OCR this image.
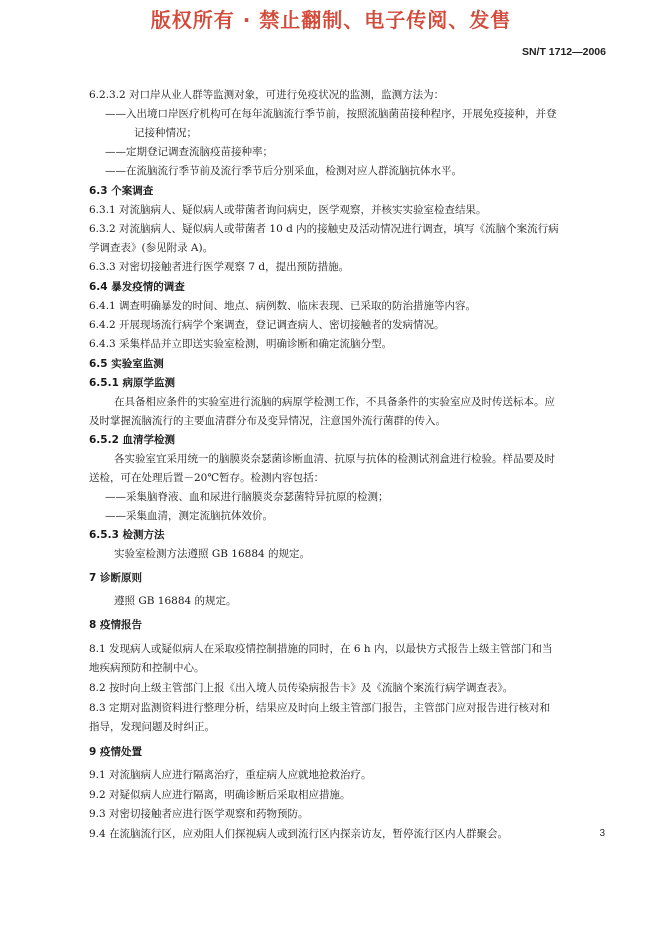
版权所有 · 禁止翻制、电子传阅、发售
SN/T 1712—2006
6.2.3.2 对口岸从业人群等监测对象，可进行免疫状况的监测，监测方法为：
——入出境口岸医疗机构可在每年流脑流行季节前，按照流脑菌苗接种程序，开展免疫接种，并登
记接种情况；
——定期登记调查流脑疫苗接种率；
——在流脑流行季节前及流行季节后分别采血，检测对应人群流脑抗体水平。
6.3 个案调查
6.3.1 对流脑病人、疑似病人或带菌者询问病史，医学观察，并核实实验室检查结果。
6.3.2 对流脑病人、疑似病人或带菌者 10 d 内的接触史及活动情况进行调查，填写《流脑个案流行病
学调查表》(参见附录 A)。
6.3.3 对密切接触者进行医学观察 7 d，提出预防措施。
6.4 暴发疫情的调查
6.4.1 调查明确暴发的时间、地点、病例数、临床表现、已采取的防治措施等内容。
6.4.2 开展现场流行病学个案调查，登记调查病人、密切接触者的发病情况。
6.4.3 采集样品并立即送实验室检测，明确诊断和确定流脑分型。
6.5 实验室监测
6.5.1 病原学监测
在具备相应条件的实验室进行流脑的病原学检测工作，不具备条件的实验室应及时传送标本。应
及时掌握流脑流行的主要血清群分布及变异情况，注意国外流行菌群的传入。
6.5.2 血清学检测
各实验室宜采用统一的脑膜炎奈瑟菌诊断血清、抗原与抗体的检测试剂盒进行检验。样品要及时
送检，可在处理后置－20℃暂存。检测内容包括：
——采集脑脊液、血和尿进行脑膜炎奈瑟菌特异抗原的检测；
——采集血清，测定流脑抗体效价。
6.5.3 检测方法
实验室检测方法遵照 GB 16884 的规定。
7 诊断原则
遵照 GB 16884 的规定。
8 疫情报告
8.1 发现病人或疑似病人在采取疫情控制措施的同时，在 6 h 内，以最快方式报告上级主管部门和当
地疾病预防和控制中心。
8.2 按时向上级主管部门上报《出入境人员传染病报告卡》及《流脑个案流行病学调查表》。
8.3 定期对监测资料进行整理分析，结果应及时向上级主管部门报告，主管部门应对报告进行核对和
指导，发现问题及时纠正。
9 疫情处置
9.1 对流脑病人应进行隔离治疗，重症病人应就地抢救治疗。
9.2 对疑似病人应进行隔离，明确诊断后采取相应措施。
9.3 对密切接触者应进行医学观察和药物预防。
9.4 在流脑流行区，应劝阻人们探视病人或到流行区内探亲访友，暂停流行区内人群聚会。	3
